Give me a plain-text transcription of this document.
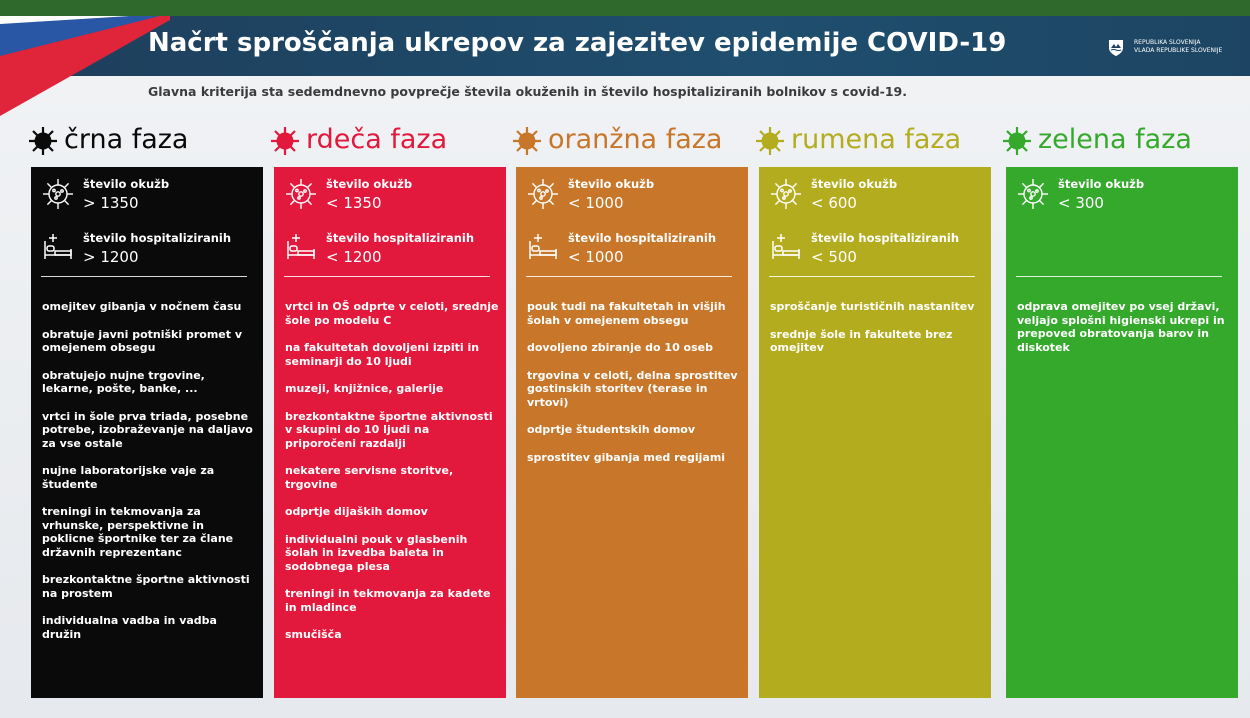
Načrt sproščanja ukrepov za zajezitev epidemije COVID-19	REPUBLIKA SLOVENIJA
VLADA REPUBLIKE SLOVENIJE
Glavna kriterija sta sedemdnevno povprečje števila okuženih in število hospitaliziranih bolnikov s covid-19.
črna faza	rdeča faza	oranžna faza	rumena faza	zelena faza
število okužb
> 1350
število hospitaliziranih
> 1200
omejitev gibanja v nočnem času
obratuje javni potniški promet v omejenem obsegu
obratujejo nujne trgovine, lekarne, pošte, banke, ...
vrtci in šole prva triada, posebne potrebe, izobraževanje na daljavo za vse ostale
nujne laboratorijske vaje za študente
treningi in tekmovanja za vrhunske, perspektivne in poklicne športnike ter za člane državnih reprezentanc
brezkontaktne športne aktivnosti na prostem
individualna vadba in vadba družin
število okužb
< 1350
število hospitaliziranih
< 1200
vrtci in OŠ odprte v celoti, srednje šole po modelu C
na fakultetah dovoljeni izpiti in seminarji do 10 ljudi
muzeji, knjižnice, galerije
brezkontaktne športne aktivnosti v skupini do 10 ljudi na priporočeni razdalji
nekatere servisne storitve, trgovine
odprtje dijaških domov
individualni pouk v glasbenih šolah in izvedba baleta in sodobnega plesa
treningi in tekmovanja za kadete in mladince
smučišča
število okužb
< 1000
število hospitaliziranih
< 1000
pouk tudi na fakultetah in višjih šolah v omejenem obsegu
dovoljeno zbiranje do 10 oseb
trgovina v celoti, delna sprostitev gostinskih storitev (terase in vrtovi)
odprtje študentskih domov
sprostitev gibanja med regijami
število okužb
< 600
število hospitaliziranih
< 500
sproščanje turističnih nastanitev
srednje šole in fakultete brez omejitev
število okužb
< 300
odprava omejitev po vsej državi, veljajo splošni higienski ukrepi in prepoved obratovanja barov in diskotek
